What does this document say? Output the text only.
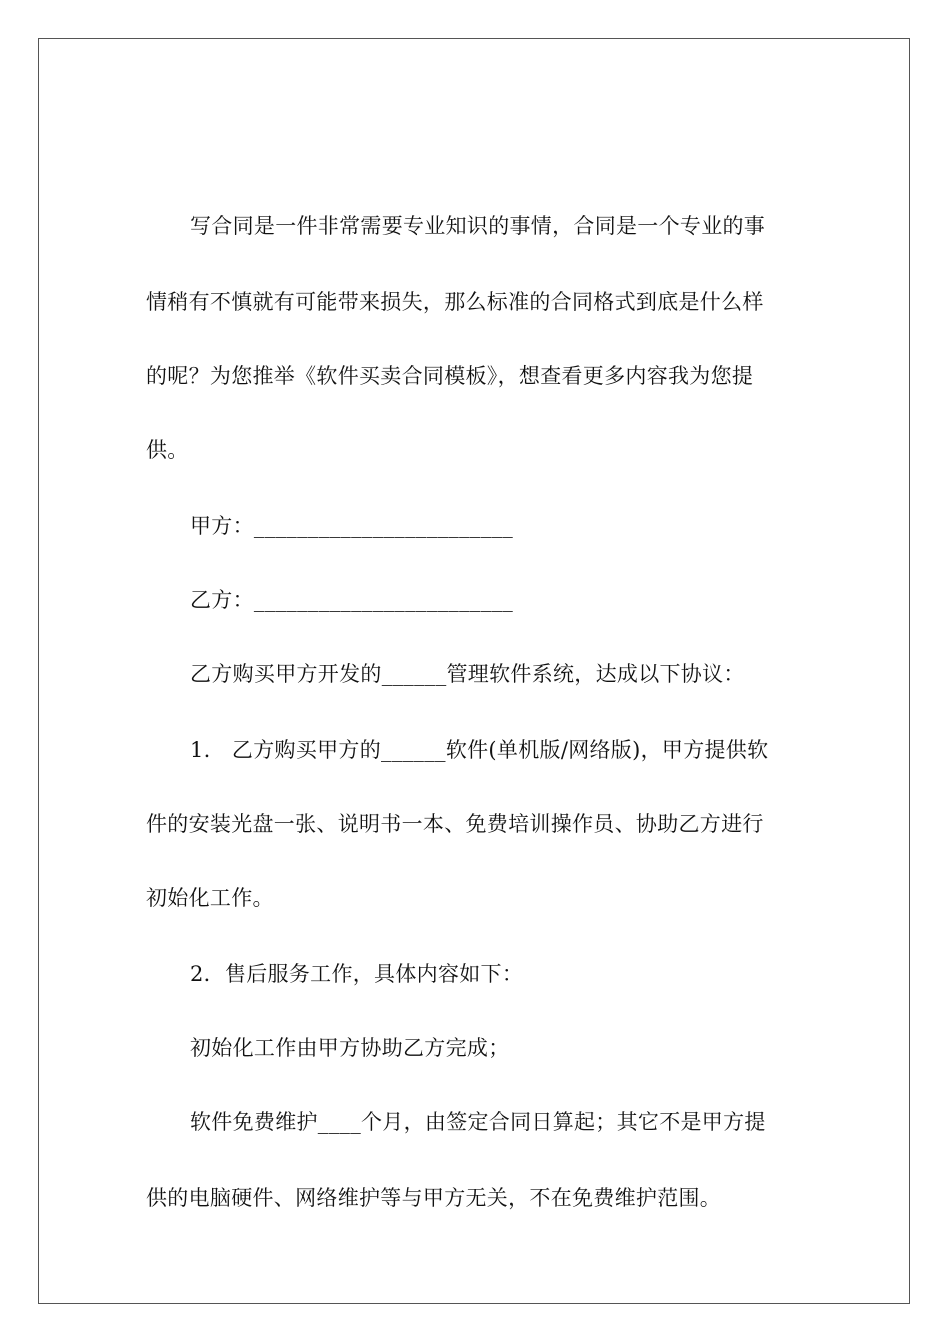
写合同是一件非常需要专业知识的事情，合同是一个专业的事
情稍有不慎就有可能带来损失，那么标准的合同格式到底是什么样
的呢？为您推举《软件买卖合同模板》，想查看更多内容我为您提
供。
甲方：________________________
乙方：________________________
乙方购买甲方开发的______管理软件系统，达成以下协议：
1.　乙方购买甲方的______软件(单机版/网络版)，甲方提供软
件的安装光盘一张、说明书一本、免费培训操作员、协助乙方进行
初始化工作。
2．售后服务工作，具体内容如下：
初始化工作由甲方协助乙方完成；
软件免费维护____个月，由签定合同日算起；其它不是甲方提
供的电脑硬件、网络维护等与甲方无关，不在免费维护范围。
